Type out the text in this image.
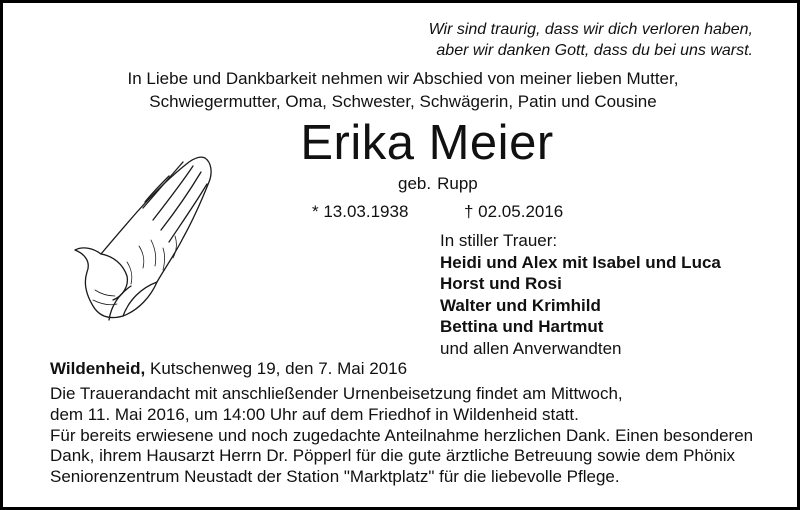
Wir sind traurig, dass wir dich verloren haben,
aber wir danken Gott, dass du bei uns warst.
In Liebe und Dankbarkeit nehmen wir Abschied von meiner lieben Mutter,
Schwiegermutter, Oma, Schwester, Schwägerin, Patin und Cousine
Erika Meier
geb. Rupp
* 13.03.1938	† 02.05.2016
In stiller Trauer:
Heidi und Alex mit Isabel und Luca
Horst und Rosi
Walter und Krimhild
Bettina und Hartmut
und allen Anverwandten
Wildenheid, Kutschenweg 19, den 7. Mai 2016
Die Trauerandacht mit anschließender Urnenbeisetzung findet am Mittwoch,
dem 11. Mai 2016, um 14:00 Uhr auf dem Friedhof in Wildenheid statt.
Für bereits erwiesene und noch zugedachte Anteilnahme herzlichen Dank. Einen besonderen
Dank, ihrem Hausarzt Herrn Dr. Pöpperl für die gute ärztliche Betreuung sowie dem Phönix
Seniorenzentrum Neustadt der Station "Marktplatz" für die liebevolle Pflege.
